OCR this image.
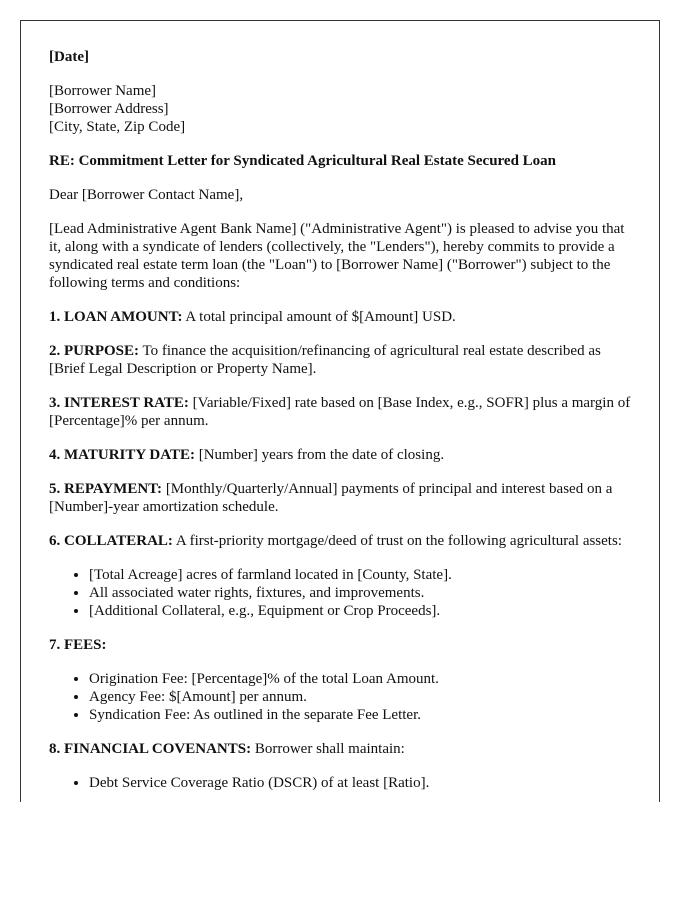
[Date]

[Borrower Name]

[Borrower Address]

[City, State, Zip Code]

RE: Commitment Letter for Syndicated Agricultural Real Estate Secured Loan

Dear [Borrower Contact Name],

[Lead Administrative Agent Bank Name] ("Administrative Agent") is pleased to advise you that it, along with a syndicate of lenders (collectively, the "Lenders"), hereby commits to provide a syndicated real estate term loan (the "Loan") to [Borrower Name] ("Borrower") subject to the following terms and conditions:

1. LOAN AMOUNT: A total principal amount of $[Amount] USD.

2. PURPOSE: To finance the acquisition/refinancing of agricultural real estate described as [Brief Legal Description or Property Name].

3. INTEREST RATE: [Variable/Fixed] rate based on [Base Index, e.g., SOFR] plus a margin of [Percentage]% per annum.

4. MATURITY DATE: [Number] years from the date of closing.

5. REPAYMENT: [Monthly/Quarterly/Annual] payments of principal and interest based on a [Number]-year amortization schedule.

6. COLLATERAL: A first-priority mortgage/deed of trust on the following agricultural assets:

• [Total Acreage] acres of farmland located in [County, State].
• All associated water rights, fixtures, and improvements.
• [Additional Collateral, e.g., Equipment or Crop Proceeds].

7. FEES:

• Origination Fee: [Percentage]% of the total Loan Amount.
• Agency Fee: $[Amount] per annum.
• Syndication Fee: As outlined in the separate Fee Letter.

8. FINANCIAL COVENANTS: Borrower shall maintain:

• Debt Service Coverage Ratio (DSCR) of at least [Ratio].
